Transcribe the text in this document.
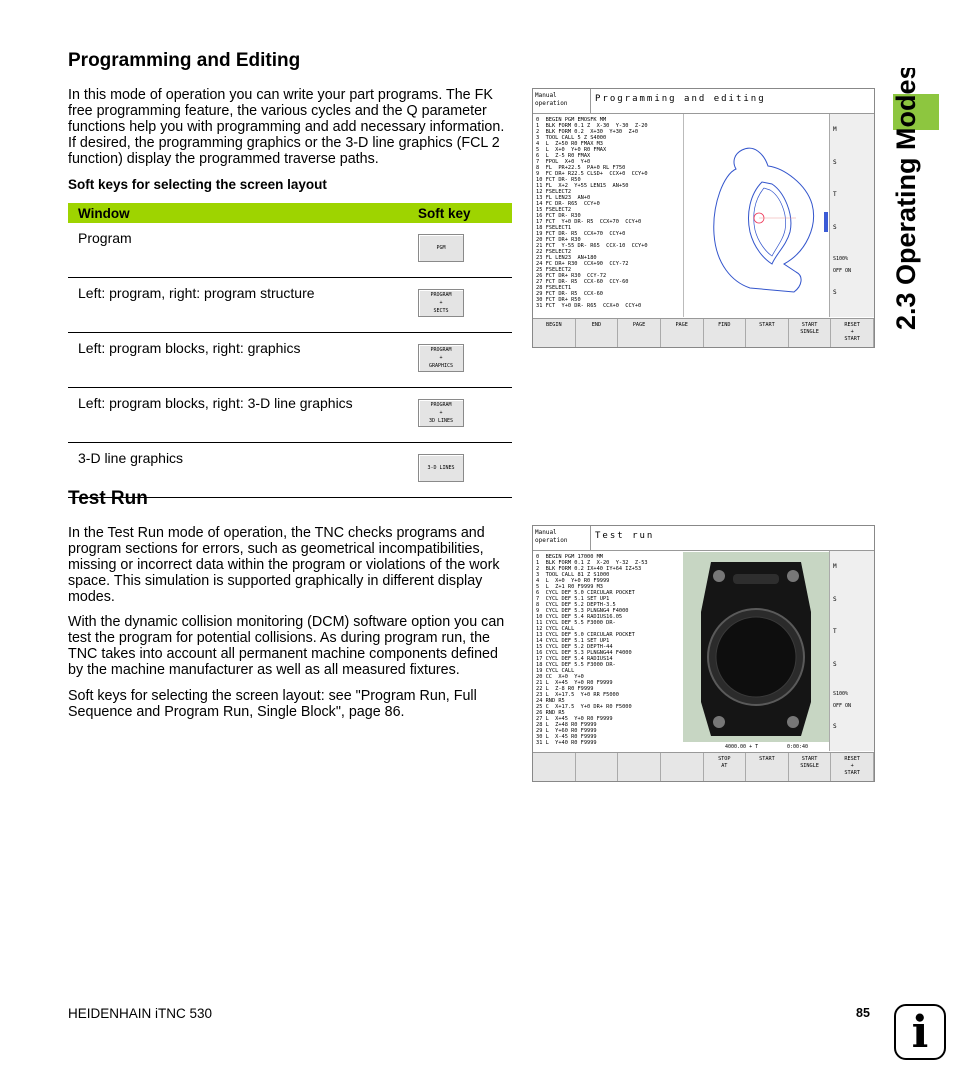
Programming and Editing

In this mode of operation you can write your part programs. The FK free programming feature, the various cycles and the Q parameter functions help you with programming and add necessary information. If desired, the programming graphics or the 3-D line graphics (FCL 2 function) display the programmed traverse paths.

Soft keys for selecting the screen layout
Window	Soft key
Program	PGM

Left: program, right: program structure	PROGRAM
+
SECTS

Left: program blocks, right: graphics	PROGRAM
+
GRAPHICS

Left: program blocks, right: 3-D line graphics	PROGRAM
+
3D LINES

3-D line graphics	3-D LINES
Test Run

In the Test Run mode of operation, the TNC checks programs and program sections for errors, such as geometrical incompatibilities, missing or incorrect data within the program or violations of the work space. This simulation is supported graphically in different display modes.

With the dynamic collision monitoring (DCM) software option you can test the program for potential collisions. As during program run, the TNC takes into account all permanent machine components defined by the machine manufacturer as well as all measured fixtures.

Soft keys for selecting the screen layout: see "Program Run, Full Sequence and Program Run, Single Block", page 86.

Manual
operation	Programming and editing
0  BEGIN PGM EMOSFK MM
1  BLK FORM 0.1 Z  X-30  Y-30  Z-20
2  BLK FORM 0.2  X+30  Y+30  Z+0
3  TOOL CALL 5 Z S4000
4  L  Z+50 R0 FMAX M3
5  L  X+0  Y+0 R0 FMAX
6  L  Z-5 R0 FMAX
7  FPOL  X+0  Y+0
8  FL  PR+22.5  PA+0 RL F750
9  FC DR+ R22.5 CLSD+  CCX+0  CCY+0
10 FCT DR- R50
11 FL  X+2  Y+55 LEN15  AN+50
12 FSELECT2
13 FL LEN23  AN+0
14 FC DR- R65  CCY+0
15 FSELECT2
16 FCT DR- R30
17 FCT  Y+0 DR- R5  CCX+70  CCY+0
18 FSELECT1
19 FCT DR- R5  CCX+70  CCY+0
20 FCT DR+ R30
21 FCT  Y-55 DR- R65  CCX-10  CCY+0
22 FSELECT2
23 FL LEN23  AN+180
24 FC DR+ R30  CCX+90  CCY-72
25 FSELECT2
26 FCT DR+ R30  CCY-72
27 FCT DR- R5  CCX-60  CCY-60
28 FSELECT1
29 FCT DR- R5  CCX-60
30 FCT DR+ R50
31 FCT  Y+0 DR- R65  CCX+0  CCY+0
M
S
T
S
S100%
OFF ON
S
BEGIN	END	PAGE	PAGE	FIND	START	START
SINGLE
RESET
+
START
Manual
operation	Test run
0  BEGIN PGM 17000 MM
1  BLK FORM 0.1 Z  X-20  Y-32  Z-53
2  BLK FORM 0.2 IX+40 IY+64 IZ+53
3  TOOL CALL 81 Z S1000
4  L  X+0  Y+0 R0 F9999
5  L  Z+1 R0 F9999 M3
6  CYCL DEF 5.0 CIRCULAR POCKET
7  CYCL DEF 5.1 SET UP1
8  CYCL DEF 5.2 DEPTH-3.5
9  CYCL DEF 5.3 PLNGNG4 F4000
10 CYCL DEF 5.4 RADIUS16.05
11 CYCL DEF 5.5 F3000 DR-
12 CYCL CALL
13 CYCL DEF 5.0 CIRCULAR POCKET
14 CYCL DEF 5.1 SET UP1
15 CYCL DEF 5.2 DEPTH-44
16 CYCL DEF 5.3 PLNGNG44 F4000
17 CYCL DEF 5.4 RADIUS14
18 CYCL DEF 5.5 F3000 DR-
19 CYCL CALL
20 CC  X+0  Y+0
21 L  X+45  Y+0 R0 F9999
22 L  Z-8 R0 F9999
23 L  X+17.5  Y+0 RR F5000
24 RND R5
25 C  X+17.5  Y+0 DR+ R0 F5000
26 RND R5
27 L  X+45  Y+0 R0 F9999
28 L  Z+48 R0 F9999
29 L  Y+60 R0 F9999
30 L  X-45 R0 F9999
31 L  Y+40 R0 F9999
4000.00 + T	0:00:40
M
S
T
S
S100%
OFF ON
S
STOP
AT
START	START
SINGLE
RESET
+
START
2.3 Operating Modes
HEIDENHAIN iTNC 530	85 i
